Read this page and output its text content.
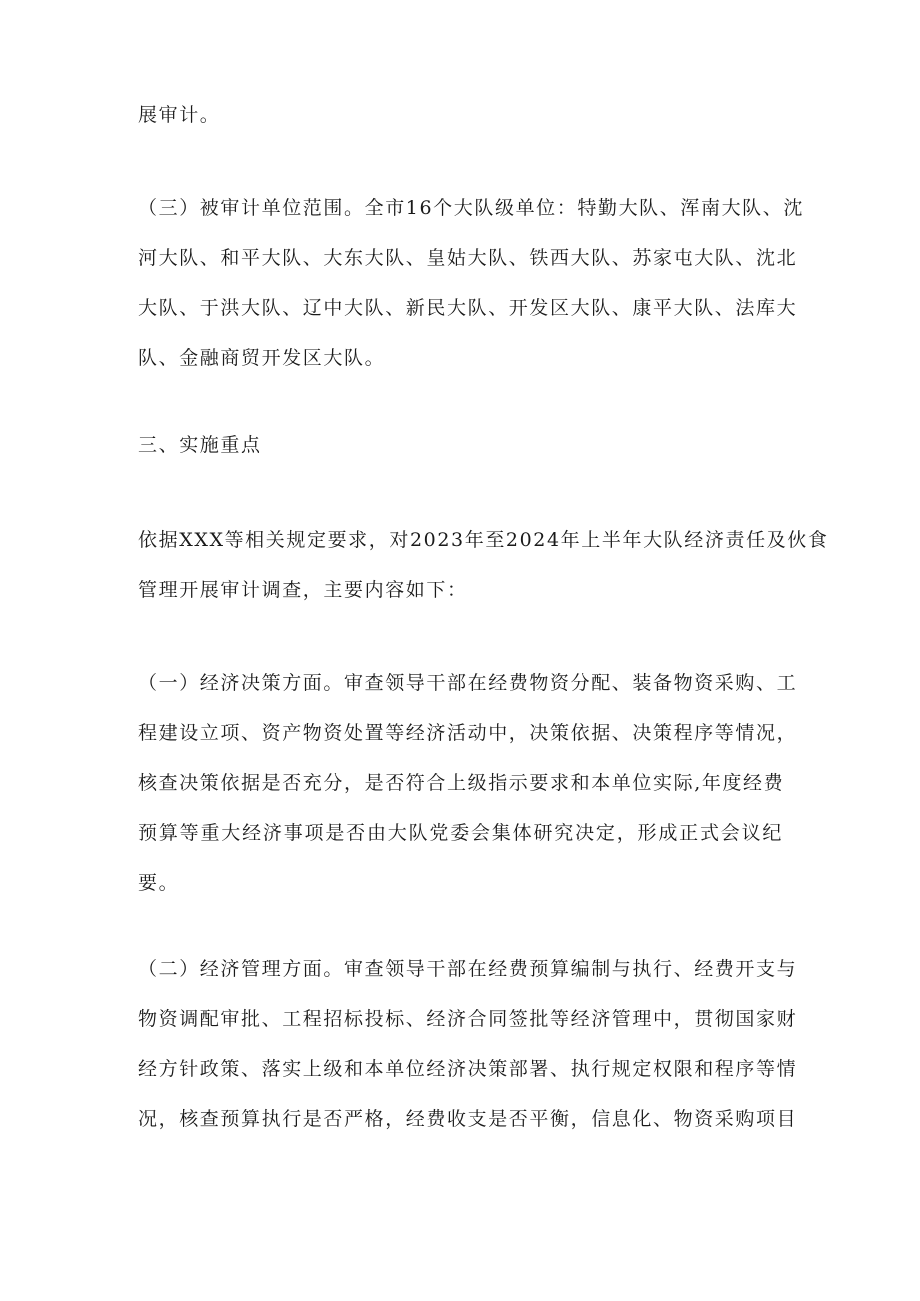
展审计。
（三）被审计单位范围。全市16个大队级单位：特勤大队、浑南大队、沈
河大队、和平大队、大东大队、皇姑大队、铁西大队、苏家屯大队、沈北
大队、于洪大队、辽中大队、新民大队、开发区大队、康平大队、法库大
队、金融商贸开发区大队。
三、实施重点
依据XXX等相关规定要求，对2023年至2024年上半年大队经济责任及伙食
管理开展审计调查，主要内容如下：
（一）经济决策方面。审查领导干部在经费物资分配、装备物资采购、工
程建设立项、资产物资处置等经济活动中，决策依据、决策程序等情况，
核查决策依据是否充分，是否符合上级指示要求和本单位实际,年度经费
预算等重大经济事项是否由大队党委会集体研究决定，形成正式会议纪
要。
（二）经济管理方面。审查领导干部在经费预算编制与执行、经费开支与
物资调配审批、工程招标投标、经济合同签批等经济管理中，贯彻国家财
经方针政策、落实上级和本单位经济决策部署、执行规定权限和程序等情
况，核查预算执行是否严格，经费收支是否平衡，信息化、物资采购项目
